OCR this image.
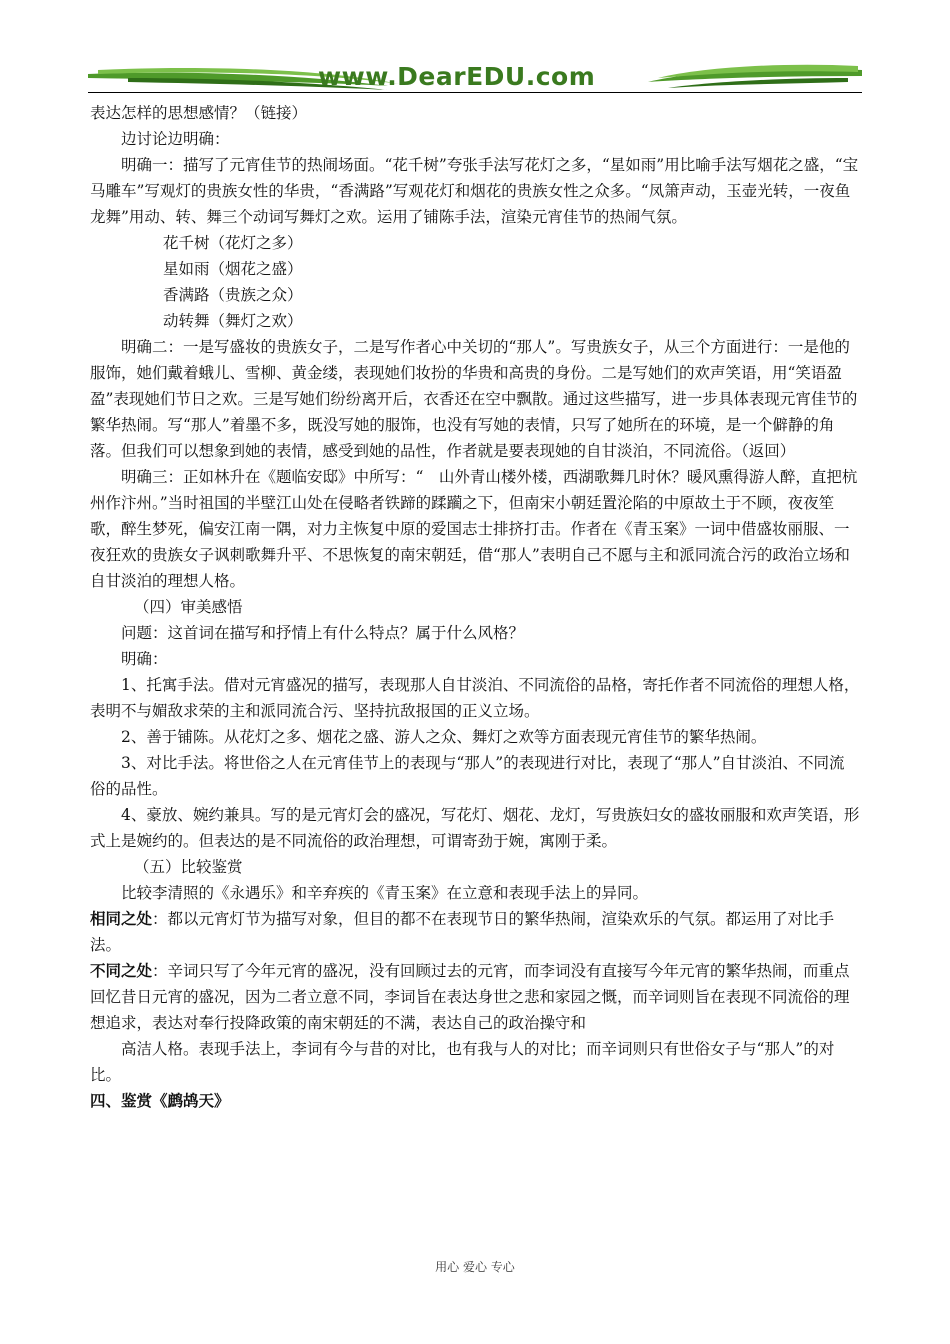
www.DearEDU.com

表达怎样的思想感情？（链接）

边讨论边明确：

明确一：描写了元宵佳节的热闹场面。“花千树”夸张手法写花灯之多，“星如雨”用比喻手法写烟花之盛，“宝马雕车”写观灯的贵族女性的华贵，“香满路”写观花灯和烟花的贵族女性之众多。“凤箫声动，玉壶光转，一夜鱼龙舞”用动、转、舞三个动词写舞灯之欢。运用了铺陈手法，渲染元宵佳节的热闹气氛。

花千树（花灯之多）

星如雨（烟花之盛）

香满路（贵族之众）

动转舞（舞灯之欢）

明确二：一是写盛妆的贵族女子，二是写作者心中关切的“那人”。写贵族女子，从三个方面进行：一是他的服饰，她们戴着蛾儿、雪柳、黄金缕，表现她们妆扮的华贵和高贵的身份。二是写她们的欢声笑语，用“笑语盈盈”表现她们节日之欢。三是写她们纷纷离开后，衣香还在空中飘散。通过这些描写，进一步具体表现元宵佳节的繁华热闹。写“那人”着墨不多，既没写她的服饰，也没有写她的表情，只写了她所在的环境，是一个僻静的角落。但我们可以想象到她的表情，感受到她的品性，作者就是要表现她的自甘淡泊，不同流俗。（返回）

明确三：正如林升在《题临安邸》中所写：“　山外青山楼外楼，西湖歌舞几时休？暖风熏得游人醉，直把杭州作汴州。”当时祖国的半壁江山处在侵略者铁蹄的蹂躏之下，但南宋小朝廷置沦陷的中原故土于不顾，夜夜笙歌，醉生梦死，偏安江南一隅，对力主恢复中原的爱国志士排挤打击。作者在《青玉案》一词中借盛妆丽服、一夜狂欢的贵族女子讽刺歌舞升平、不思恢复的南宋朝廷，借“那人”表明自己不愿与主和派同流合污的政治立场和自甘淡泊的理想人格。

（四）审美感悟

问题：这首词在描写和抒情上有什么特点？属于什么风格？

明确：

1、托寓手法。借对元宵盛况的描写，表现那人自甘淡泊、不同流俗的品格，寄托作者不同流俗的理想人格，表明不与媚敌求荣的主和派同流合污、坚持抗敌报国的正义立场。

2、善于铺陈。从花灯之多、烟花之盛、游人之众、舞灯之欢等方面表现元宵佳节的繁华热闹。

3、对比手法。将世俗之人在元宵佳节上的表现与“那人”的表现进行对比，表现了“那人”自甘淡泊、不同流俗的品性。

4、豪放、婉约兼具。写的是元宵灯会的盛况，写花灯、烟花、龙灯，写贵族妇女的盛妆丽服和欢声笑语，形式上是婉约的。但表达的是不同流俗的政治理想，可谓寄劲于婉，寓刚于柔。

（五）比较鉴赏

比较李清照的《永遇乐》和辛弃疾的《青玉案》在立意和表现手法上的异同。

相同之处：都以元宵灯节为描写对象，但目的都不在表现节日的繁华热闹，渲染欢乐的气氛。都运用了对比手法。

不同之处：辛词只写了今年元宵的盛况，没有回顾过去的元宵，而李词没有直接写今年元宵的繁华热闹，而重点回忆昔日元宵的盛况，因为二者立意不同，李词旨在表达身世之悲和家园之慨，而辛词则旨在表现不同流俗的理想追求，表达对奉行投降政策的南宋朝廷的不满，表达自己的政治操守和

高洁人格。表现手法上，李词有今与昔的对比，也有我与人的对比；而辛词则只有世俗女子与“那人”的对比。

四、鉴赏《鹧鸪天》

用心 爱心 专心
